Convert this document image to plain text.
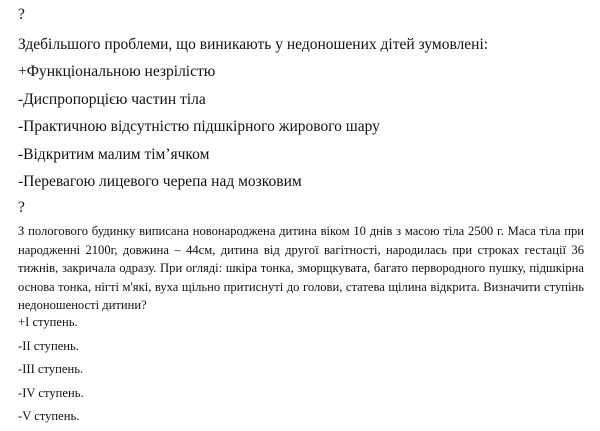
?
Здебільшого проблеми, що виникають у недоношених дітей зумовлені:
+Функціональною незрілістю
-Диспропорцією частин тіла
-Практичною відсутністю підшкірного жирового шару
-Відкритим малим тім’ячком
-Перевагою лицевого черепа над мозковим
?
З пологового будинку виписана новонароджена дитина віком 10 днів з масою тіла 2500 г. Маса тіла при народженні 2100г, довжина – 44см, дитина від другої вагітності, народилась при строках гестації 36 тижнів, закричала одразу. При огляді: шкіра тонка, зморщкувата, багато первородного пушку, підшкірна основа тонка, нігті м'які, вуха щільно притиснуті до голови, статева щілина відкрита. Визначити ступінь недоношеності дитини?
+I ступень.
-II ступень.
-III ступень.
-IV ступень.
-V ступень.
